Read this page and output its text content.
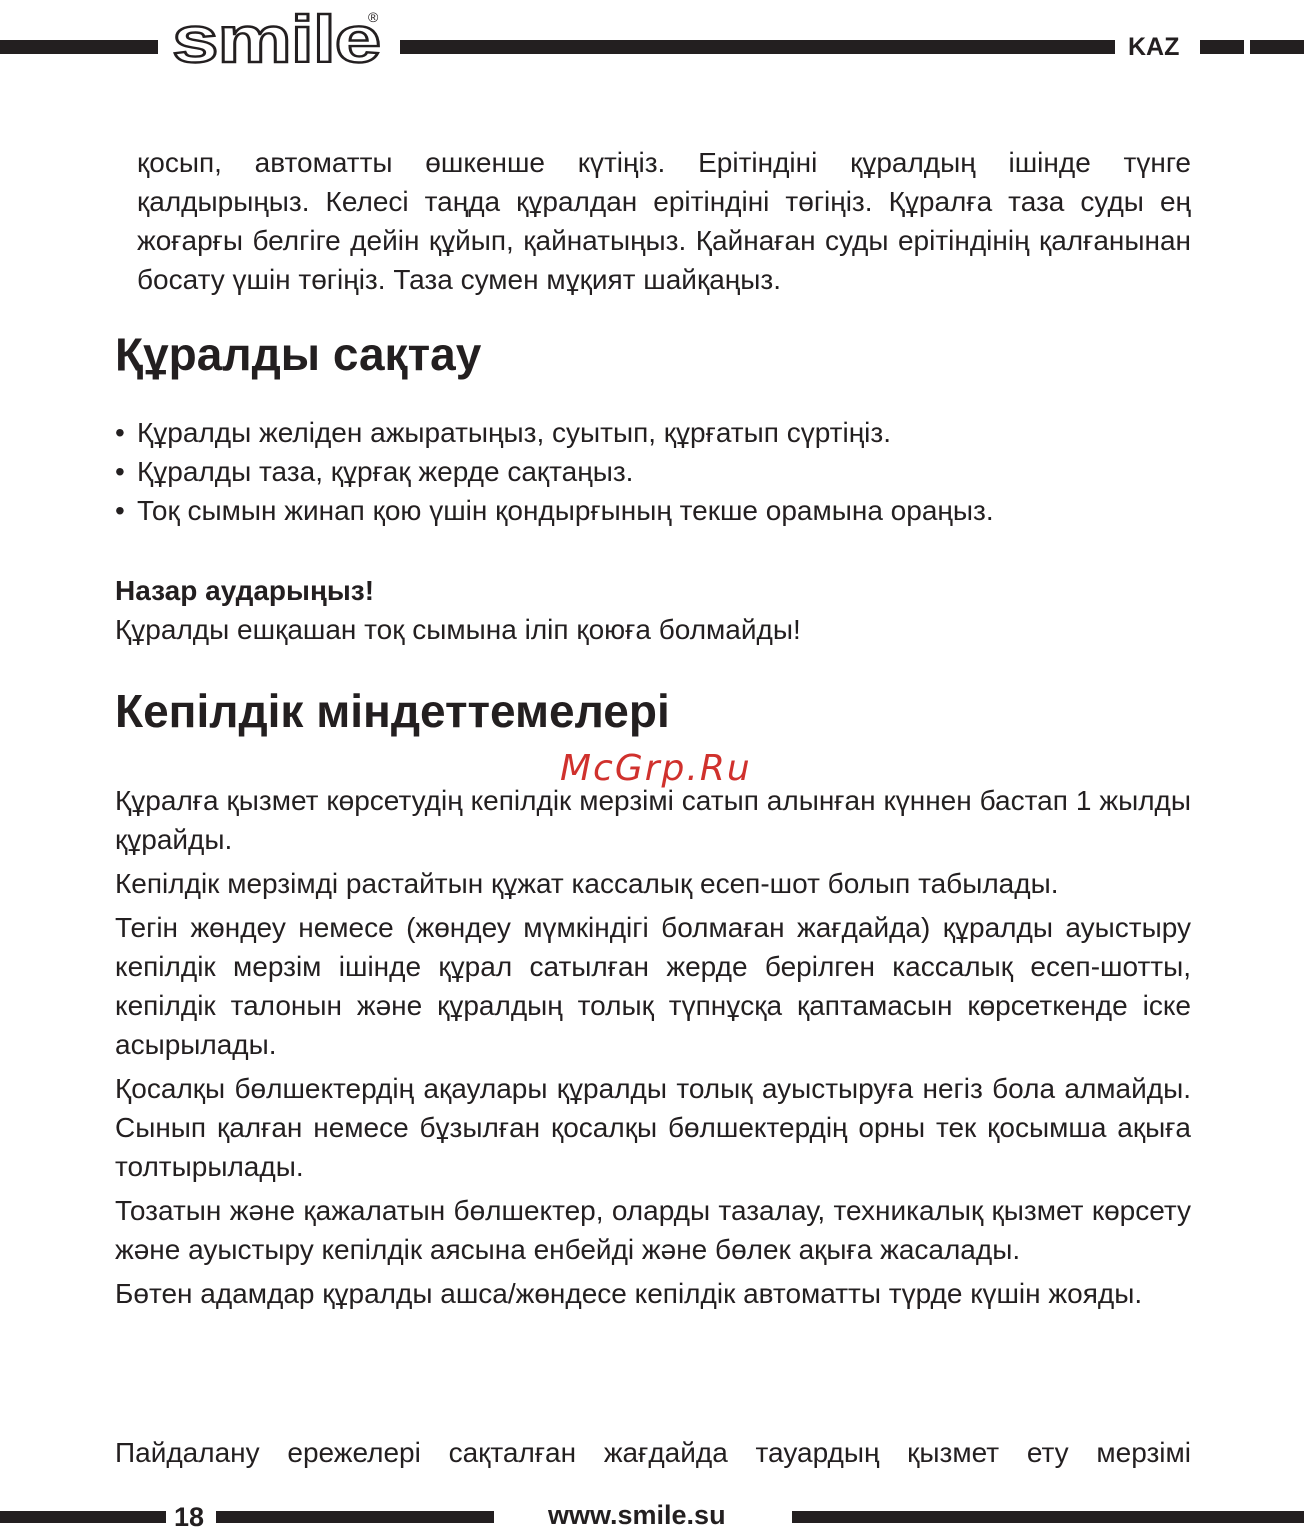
smile
®
KAZ

қосып, автоматты өшкенше күтіңіз. Ерітіндіні құралдың ішінде түнге қалдырыңыз. Келесі таңда құралдан ерітіндіні төгіңіз. Құралға таза суды ең жоғарғы белгіге дейін құйып, қайнатыңыз. Қайнаған суды ерітіндінің қалғанынан босату үшін төгіңіз. Таза сумен мұқият шайқаңыз.

Құралды сақтау
• Құралды желіден ажыратыңыз, суытып, құрғатып сүртіңіз.
• Құралды таза, құрғақ жерде сақтаңыз.
• Тоқ сымын жинап қою үшін қондырғының текше орамына ораңыз.
Назар аударыңыз!
Құралды ешқашан тоқ сымына іліп қоюға болмайды!
Кепілдік міндеттемелері
McGrp.Ru

Құралға қызмет көрсетудің кепілдік мерзімі сатып алынған күннен бастап 1 жылды құрайды.

Кепілдік мерзімді растайтын құжат кассалық есеп-шот болып табылады.

Тегін жөндеу немесе (жөндеу мүмкіндігі болмаған жағдайда) құралды ауыстыру кепілдік мерзім ішінде құрал сатылған жерде берілген кассалық есеп-шотты, кепілдік талонын және құралдың толық түпнұсқа қаптамасын көрсеткенде іске асырылады.

Қосалқы бөлшектердің ақаулары құралды толық ауыстыруға негіз бола алмайды. Сынып қалған немесе бұзылған қосалқы бөлшектердің орны тек қосымша ақыға толтырылады.

Тозатын және қажалатын бөлшектер, оларды тазалау, техникалық қызмет көрсету және ауыстыру кепілдік аясына енбейді және бөлек ақыға жасалады.

Бөтен адамдар құралды ашса/жөндесе кепілдік автоматты түрде күшін жояды.

Пайдалану ережелері сақталған жағдайда тауардың қызмет ету мерзімі

18	www.smile.su
